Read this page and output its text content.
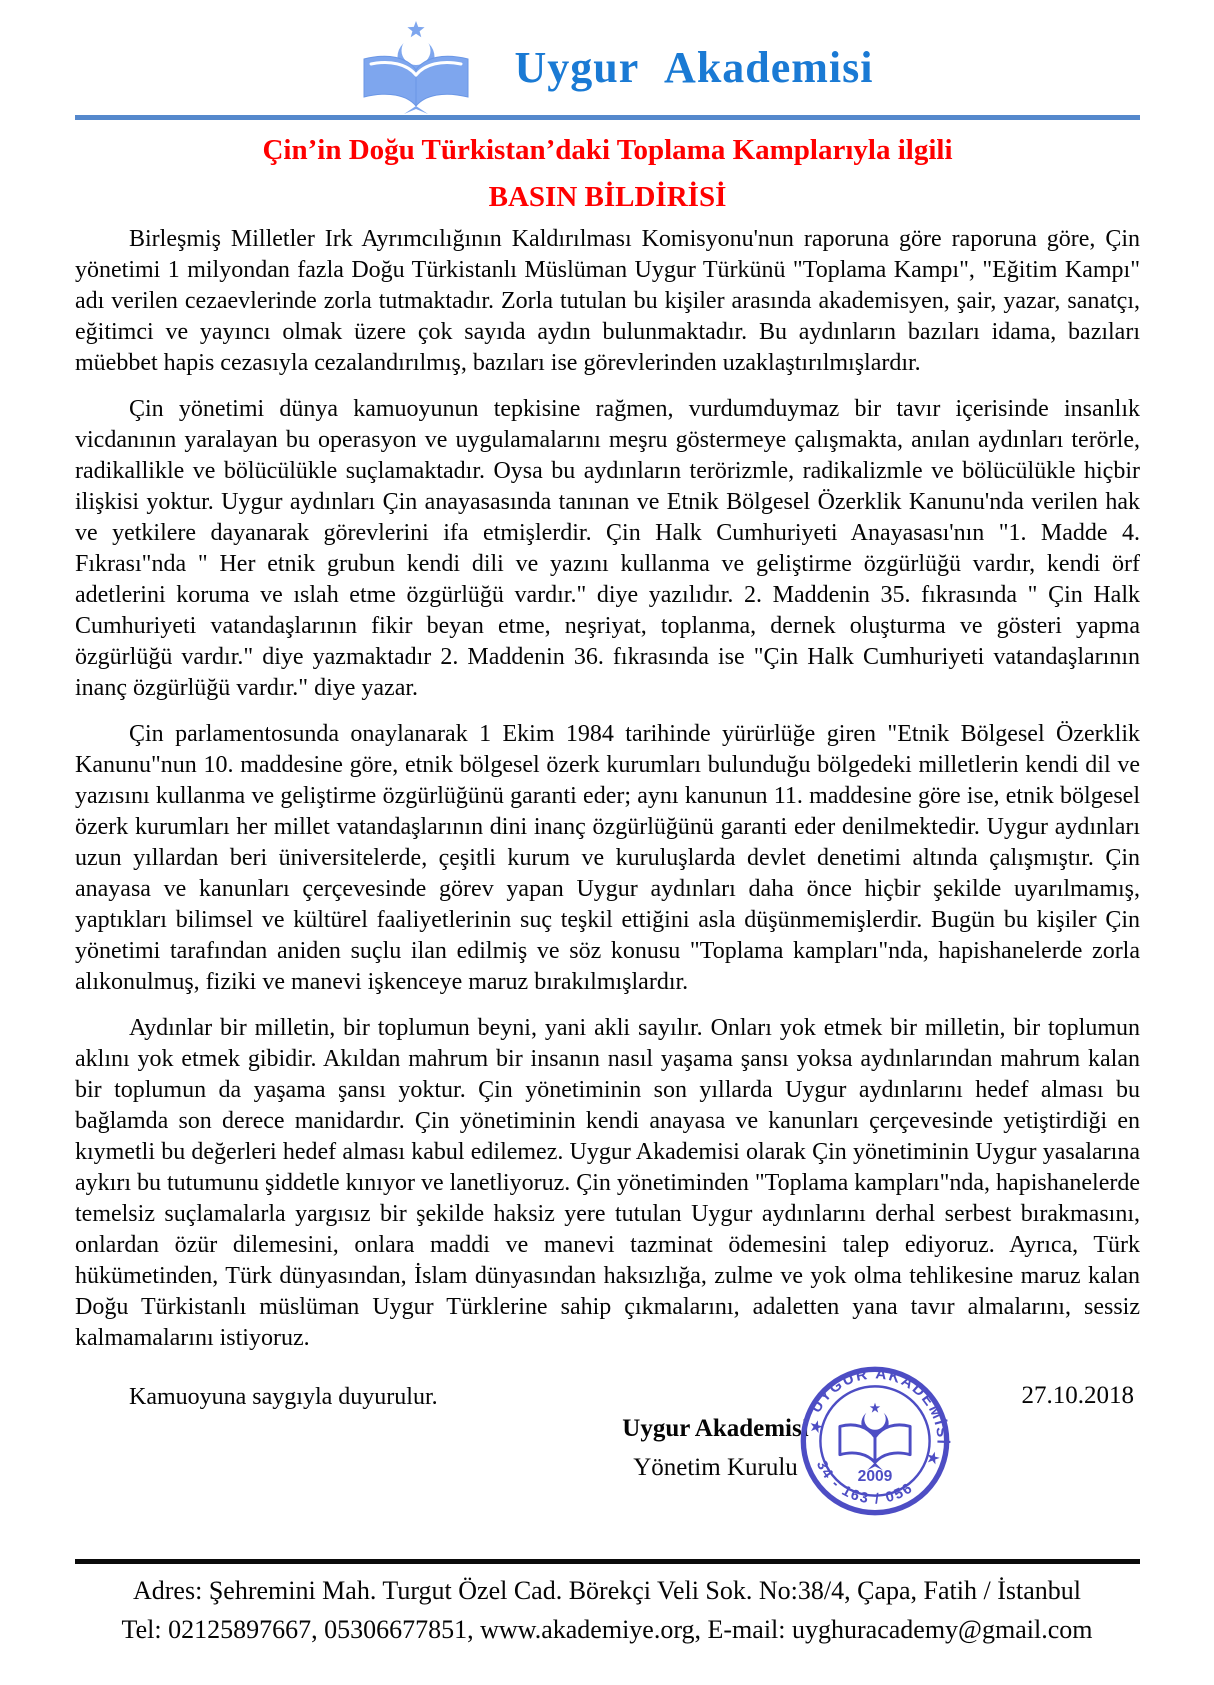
Uygur Akademisi
Çin’in Doğu Türkistan’daki Toplama Kamplarıyla ilgili
BASIN BİLDİRİSİ

Birleşmiş Milletler Irk Ayrımcılığının Kaldırılması Komisyonu'nun raporuna göre raporuna göre, Çin yönetimi 1 milyondan fazla Doğu Türkistanlı Müslüman Uygur Türkünü "Toplama Kampı", "Eğitim Kampı" adı verilen cezaevlerinde zorla tutmaktadır. Zorla tutulan bu kişiler arasında akademisyen, şair, yazar, sanatçı, eğitimci ve yayıncı olmak üzere çok sayıda aydın bulunmaktadır. Bu aydınların bazıları idama, bazıları müebbet hapis cezasıyla cezalandırılmış, bazıları ise görevlerinden uzaklaştırılmışlardır.

Çin yönetimi dünya kamuoyunun tepkisine rağmen, vurdumduymaz bir tavır içerisinde insanlık vicdanının yaralayan bu operasyon ve uygulamalarını meşru göstermeye çalışmakta, anılan aydınları terörle, radikallikle ve bölücülükle suçlamaktadır. Oysa bu aydınların terörizmle, radikalizmle ve bölücülükle hiçbir ilişkisi yoktur. Uygur aydınları Çin anayasasında tanınan ve Etnik Bölgesel Özerklik Kanunu'nda verilen hak ve yetkilere dayanarak görevlerini ifa etmişlerdir. Çin Halk Cumhuriyeti Anayasası'nın "1. Madde 4. Fıkrası"nda " Her etnik grubun kendi dili ve yazını kullanma ve geliştirme özgürlüğü vardır, kendi örf adetlerini koruma ve ıslah etme özgürlüğü vardır." diye yazılıdır. 2. Maddenin 35. fıkrasında " Çin Halk Cumhuriyeti vatandaşlarının fikir beyan etme, neşriyat, toplanma, dernek oluşturma ve gösteri yapma özgürlüğü vardır." diye yazmaktadır 2. Maddenin 36. fıkrasında ise "Çin Halk Cumhuriyeti vatandaşlarının inanç özgürlüğü vardır." diye yazar.

Çin parlamentosunda onaylanarak 1 Ekim 1984 tarihinde yürürlüğe giren "Etnik Bölgesel Özerklik Kanunu"nun 10. maddesine göre, etnik bölgesel özerk kurumları bulunduğu bölgedeki milletlerin kendi dil ve yazısını kullanma ve geliştirme özgürlüğünü garanti eder; aynı kanunun 11. maddesine göre ise, etnik bölgesel özerk kurumları her millet vatandaşlarının dini inanç özgürlüğünü garanti eder denilmektedir. Uygur aydınları uzun yıllardan beri üniversitelerde, çeşitli kurum ve kuruluşlarda devlet denetimi altında çalışmıştır. Çin anayasa ve kanunları çerçevesinde görev yapan Uygur aydınları daha önce hiçbir şekilde uyarılmamış, yaptıkları bilimsel ve kültürel faaliyetlerinin suç teşkil ettiğini asla düşünmemişlerdir. Bugün bu kişiler Çin yönetimi tarafından aniden suçlu ilan edilmiş ve söz konusu "Toplama kampları"nda, hapishanelerde zorla alıkonulmuş, fiziki ve manevi işkenceye maruz bırakılmışlardır.

Aydınlar bir milletin, bir toplumun beyni, yani akli sayılır. Onları yok etmek bir milletin, bir toplumun aklını yok etmek gibidir. Akıldan mahrum bir insanın nasıl yaşama şansı yoksa aydınlarından mahrum kalan bir toplumun da yaşama şansı yoktur. Çin yönetiminin son yıllarda Uygur aydınlarını hedef alması bu bağlamda son derece manidardır. Çin yönetiminin kendi anayasa ve kanunları çerçevesinde yetiştirdiği en kıymetli bu değerleri hedef alması kabul edilemez. Uygur Akademisi olarak Çin yönetiminin Uygur yasalarına aykırı bu tutumunu şiddetle kınıyor ve lanetliyoruz. Çin yönetiminden "Toplama kampları"nda, hapishanelerde temelsiz suçlamalarla yargısız bir şekilde haksiz yere tutulan Uygur aydınlarını derhal serbest bırakmasını, onlardan özür dilemesini, onlara maddi ve manevi tazminat ödemesini talep ediyoruz. Ayrıca, Türk hükümetinden, Türk dünyasından, İslam dünyasından haksızlığa, zulme ve yok olma tehlikesine maruz kalan Doğu Türkistanlı müslüman Uygur Türklerine sahip çıkmalarını, adaletten yana tavır almalarını, sessiz kalmamalarını istiyoruz.

Kamuoyuna saygıyla duyurulur.	27.10.2018
Uygur Akademisi
Yönetim Kurulu
UYGUR AKADEMİSİ
34 - 163 / 056
★
★
★
2009
Adres: Şehremini Mah. Turgut Özel Cad. Börekçi Veli Sok. No:38/4, Çapa, Fatih / İstanbul
Tel: 02125897667, 05306677851, www.akademiye.org, E-mail: uyghuracademy@gmail.com
